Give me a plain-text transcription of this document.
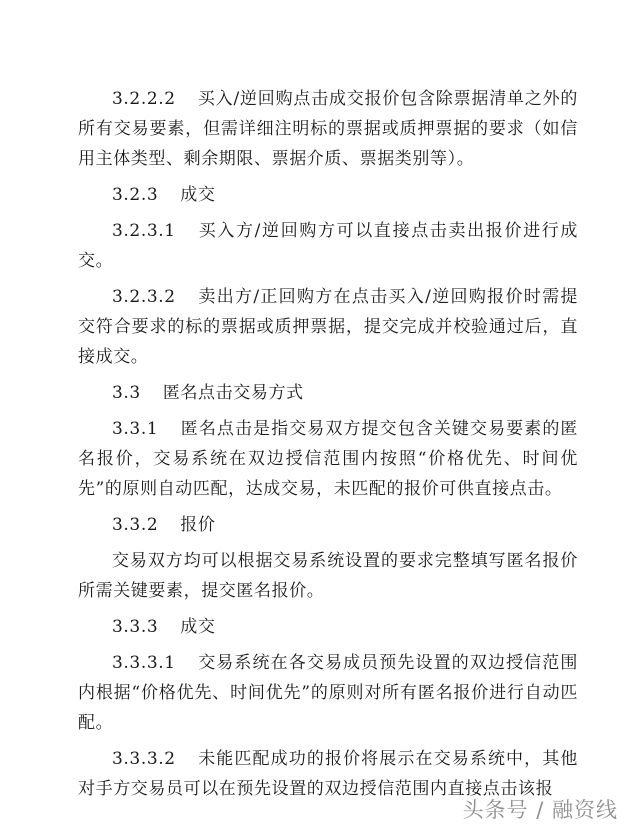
3.2.2.2 买入/逆回购点击成交报价包含除票据清单之外的所有交易要素，但需详细注明标的票据或质押票据的要求（如信用主体类型、剩余期限、票据介质、票据类别等）。

3.2.3 成交

3.2.3.1 买入方/逆回购方可以直接点击卖出报价进行成交。

3.2.3.2 卖出方/正回购方在点击买入/逆回购报价时需提交符合要求的标的票据或质押票据，提交完成并校验通过后，直接成交。

3.3 匿名点击交易方式

3.3.1 匿名点击是指交易双方提交包含关键交易要素的匿名报价，交易系统在双边授信范围内按照“价格优先、时间优先”的原则自动匹配，达成交易，未匹配的报价可供直接点击。

3.3.2 报价

交易双方均可以根据交易系统设置的要求完整填写匿名报价所需关键要素，提交匿名报价。

3.3.3 成交

3.3.3.1 交易系统在各交易成员预先设置的双边授信范围内根据“价格优先、时间优先”的原则对所有匿名报价进行自动匹配。

3.3.3.2 未能匹配成功的报价将展示在交易系统中，其他对手方交易员可以在预先设置的双边授信范围内直接点击该报

头条号 / 融资线
